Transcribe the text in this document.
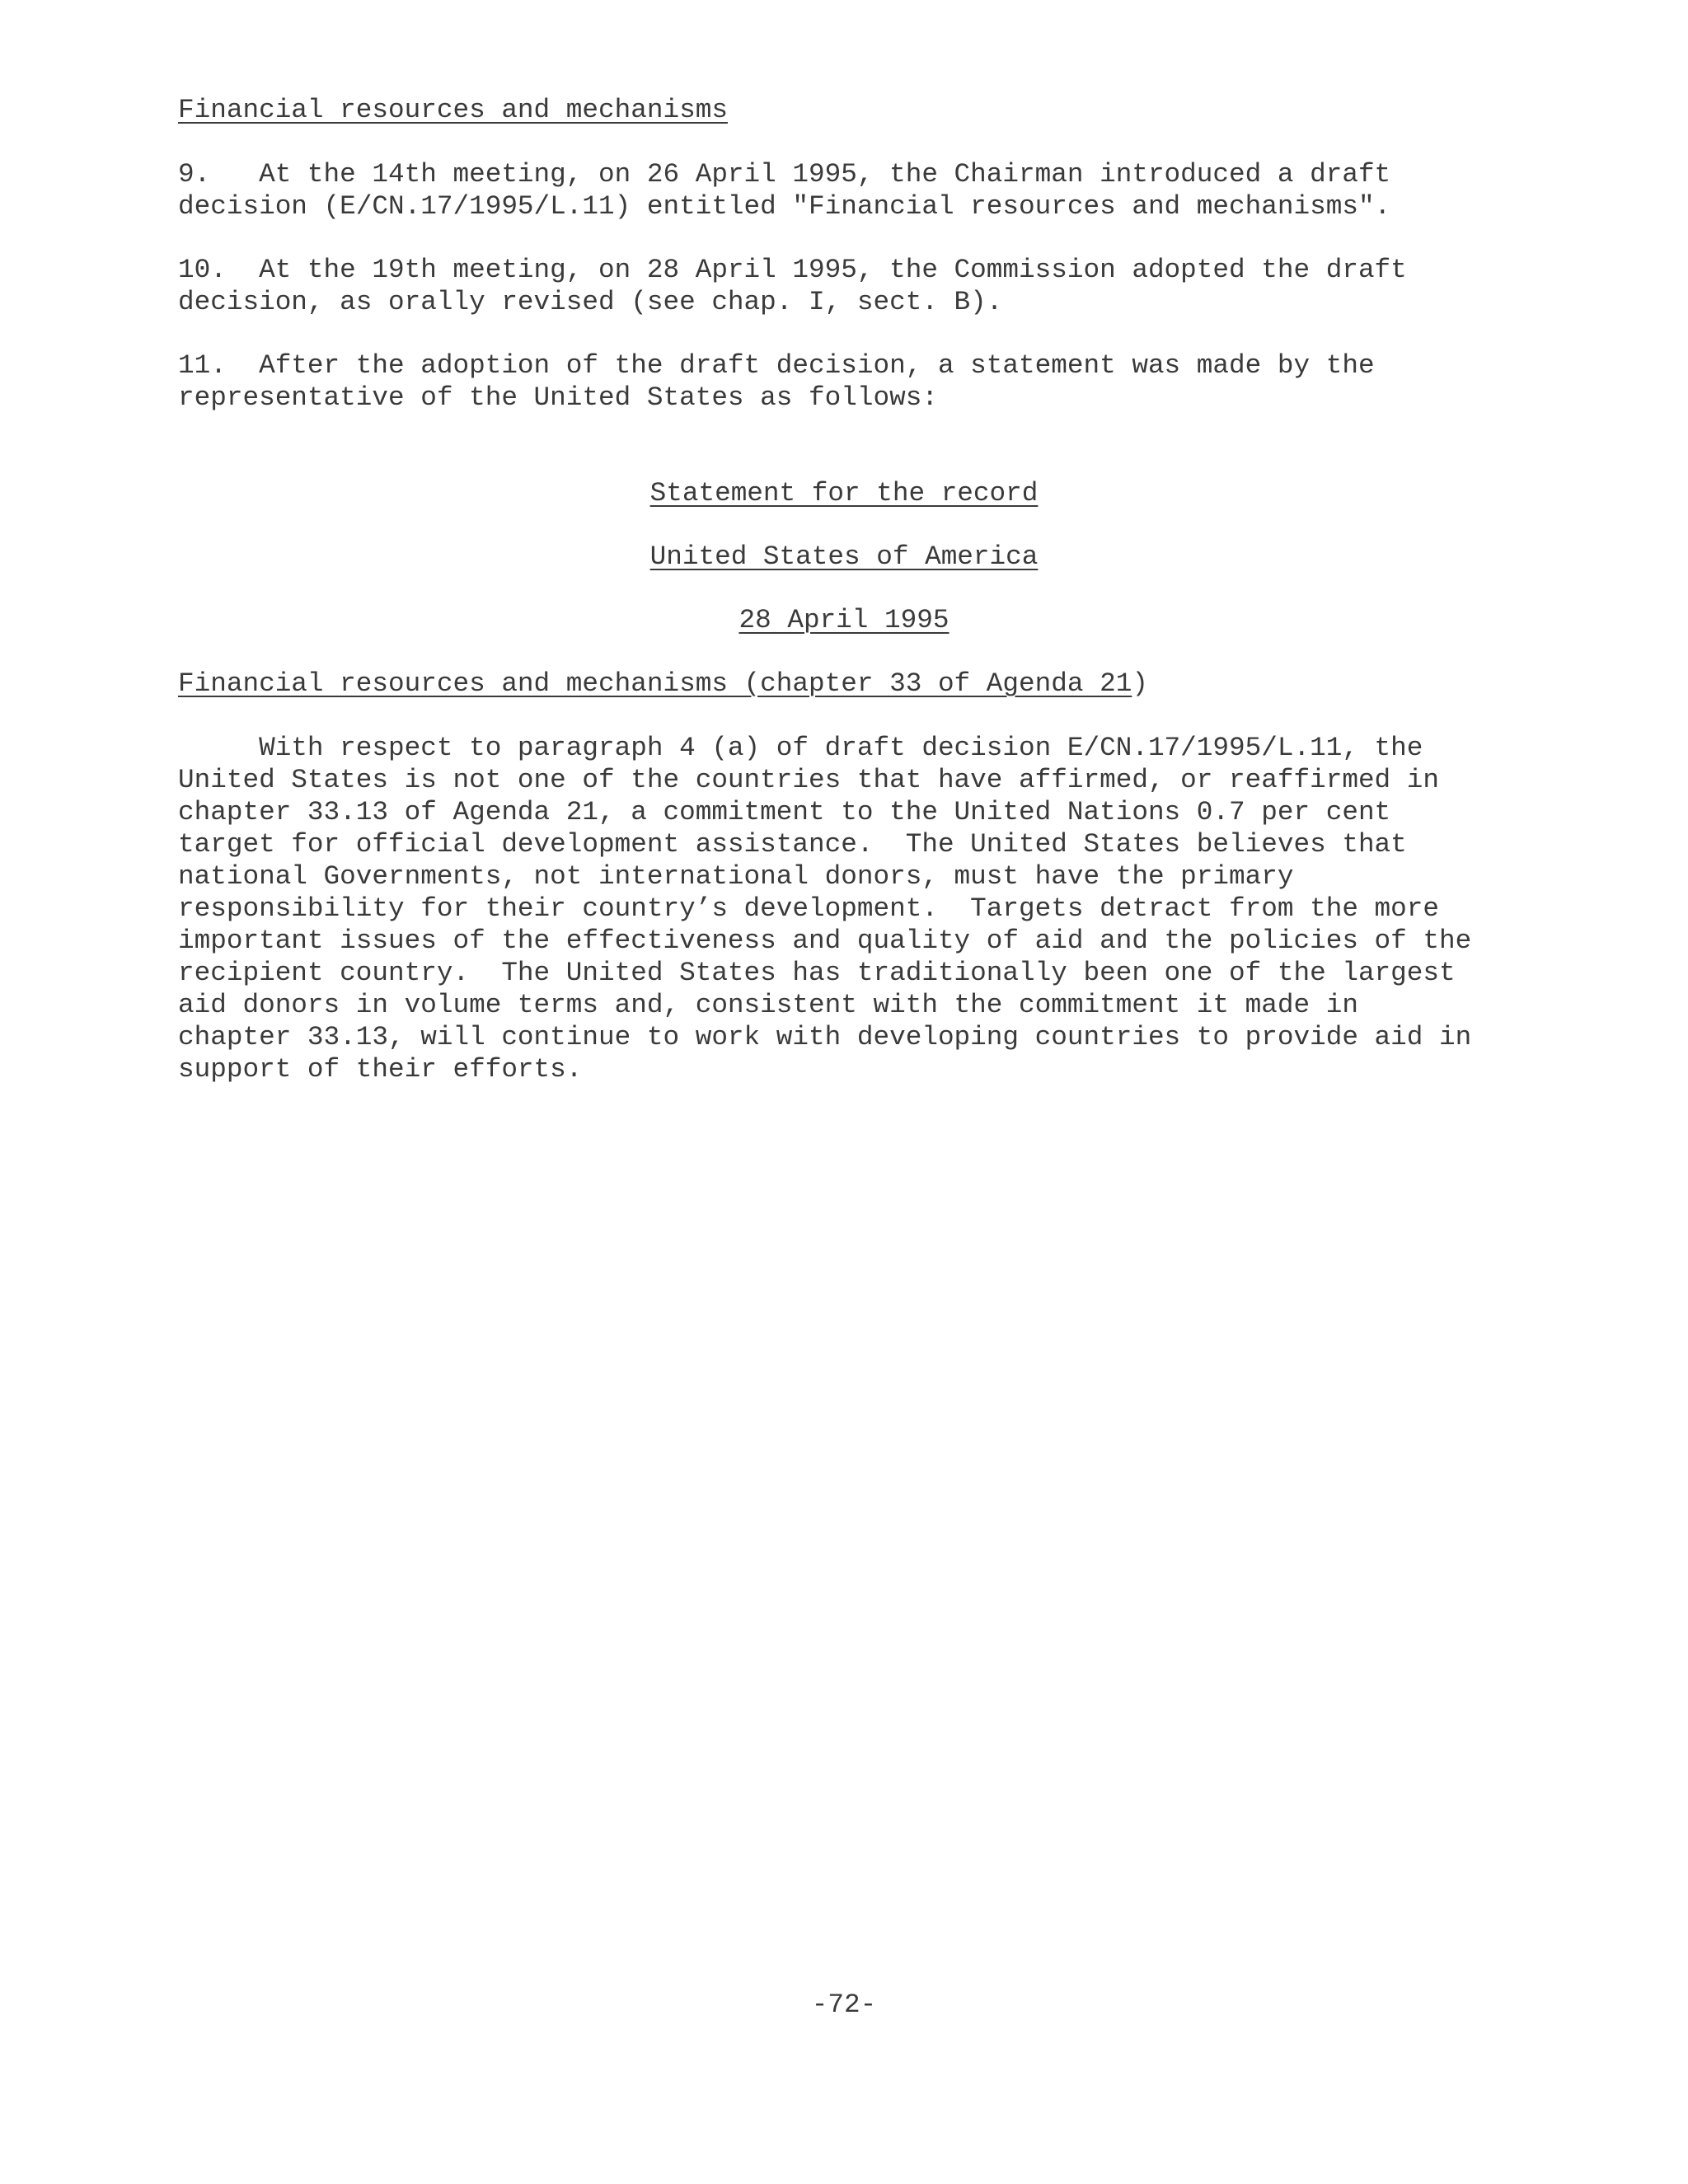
Financial resources and mechanisms

9.   At the 14th meeting, on 26 April 1995, the Chairman introduced a draft

decision (E/CN.17/1995/L.11) entitled "Financial resources and mechanisms".

10.  At the 19th meeting, on 28 April 1995, the Commission adopted the draft

decision, as orally revised (see chap. I, sect. B).

11.  After the adoption of the draft decision, a statement was made by the

representative of the United States as follows:

Statement for the record

United States of America

28 April 1995

Financial resources and mechanisms (chapter 33 of Agenda 21)

With respect to paragraph 4 (a) of draft decision E/CN.17/1995/L.11, the

United States is not one of the countries that have affirmed, or reaffirmed in

chapter 33.13 of Agenda 21, a commitment to the United Nations 0.7 per cent

target for official development assistance.  The United States believes that

national Governments, not international donors, must have the primary

responsibility for their country’s development.  Targets detract from the more

important issues of the effectiveness and quality of aid and the policies of the

recipient country.  The United States has traditionally been one of the largest

aid donors in volume terms and, consistent with the commitment it made in

chapter 33.13, will continue to work with developing countries to provide aid in

support of their efforts.

-72-
